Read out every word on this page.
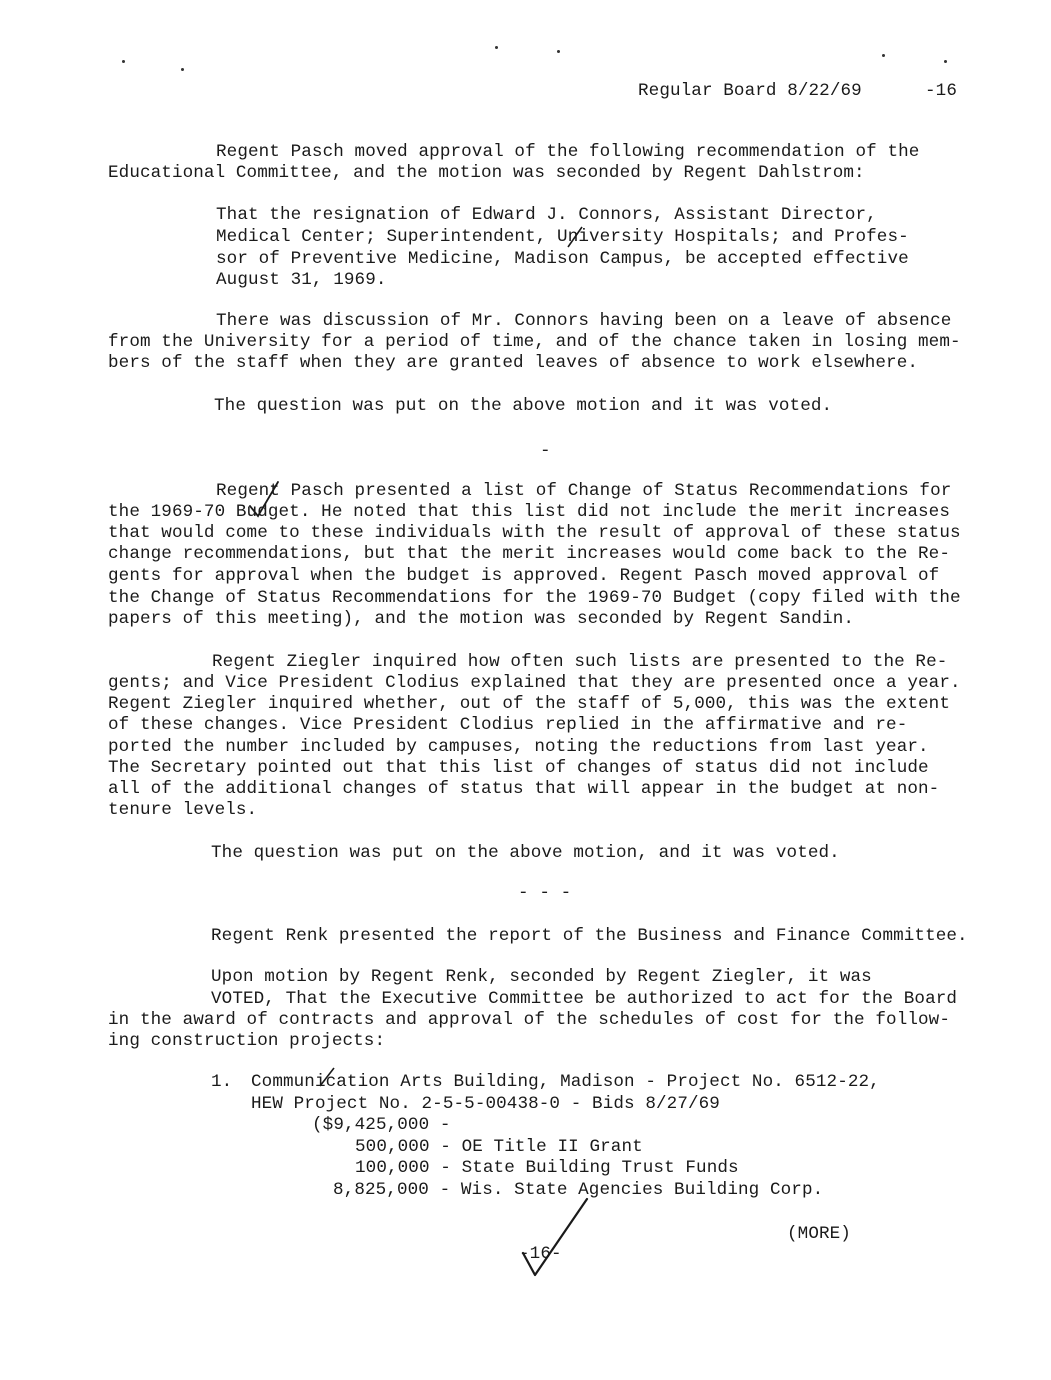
Regular Board 8/22/69	-16
Regent Pasch moved approval of the following recommendation of the
Educational Committee, and the motion was seconded by Regent Dahlstrom:
That the resignation of Edward J. Connors, Assistant Director,
Medical Center; Superintendent, University Hospitals; and Profes-
sor of Preventive Medicine, Madison Campus, be accepted effective
August 31, 1969.
There was discussion of Mr. Connors having been on a leave of absence
from the University for a period of time, and of the chance taken in losing mem-
bers of the staff when they are granted leaves of absence to work elsewhere.
The question was put on the above motion and it was voted.
-
Regent Pasch presented a list of Change of Status Recommendations for
the 1969-70 Budget. He noted that this list did not include the merit increases
that would come to these individuals with the result of approval of these status
change recommendations, but that the merit increases would come back to the Re-
gents for approval when the budget is approved. Regent Pasch moved approval of
the Change of Status Recommendations for the 1969-70 Budget (copy filed with the
papers of this meeting), and the motion was seconded by Regent Sandin.
Regent Ziegler inquired how often such lists are presented to the Re-
gents; and Vice President Clodius explained that they are presented once a year.
Regent Ziegler inquired whether, out of the staff of 5,000, this was the extent
of these changes. Vice President Clodius replied in the affirmative and re-
ported the number included by campuses, noting the reductions from last year.
The Secretary pointed out that this list of changes of status did not include
all of the additional changes of status that will appear in the budget at non-
tenure levels.
The question was put on the above motion, and it was voted.
- - -
Regent Renk presented the report of the Business and Finance Committee.
Upon motion by Regent Renk, seconded by Regent Ziegler, it was
VOTED, That the Executive Committee be authorized to act for the Board
in the award of contracts and approval of the schedules of cost for the follow-
ing construction projects:
1. Communication Arts Building, Madison - Project No. 6512-22,
HEW Project No. 2-5-5-00438-0 - Bids 8/27/69
($9,425,000 -
500,000 - OE Title II Grant
100,000 - State Building Trust Funds
8,825,000 - Wis. State Agencies Building Corp.
-16-
(MORE)
